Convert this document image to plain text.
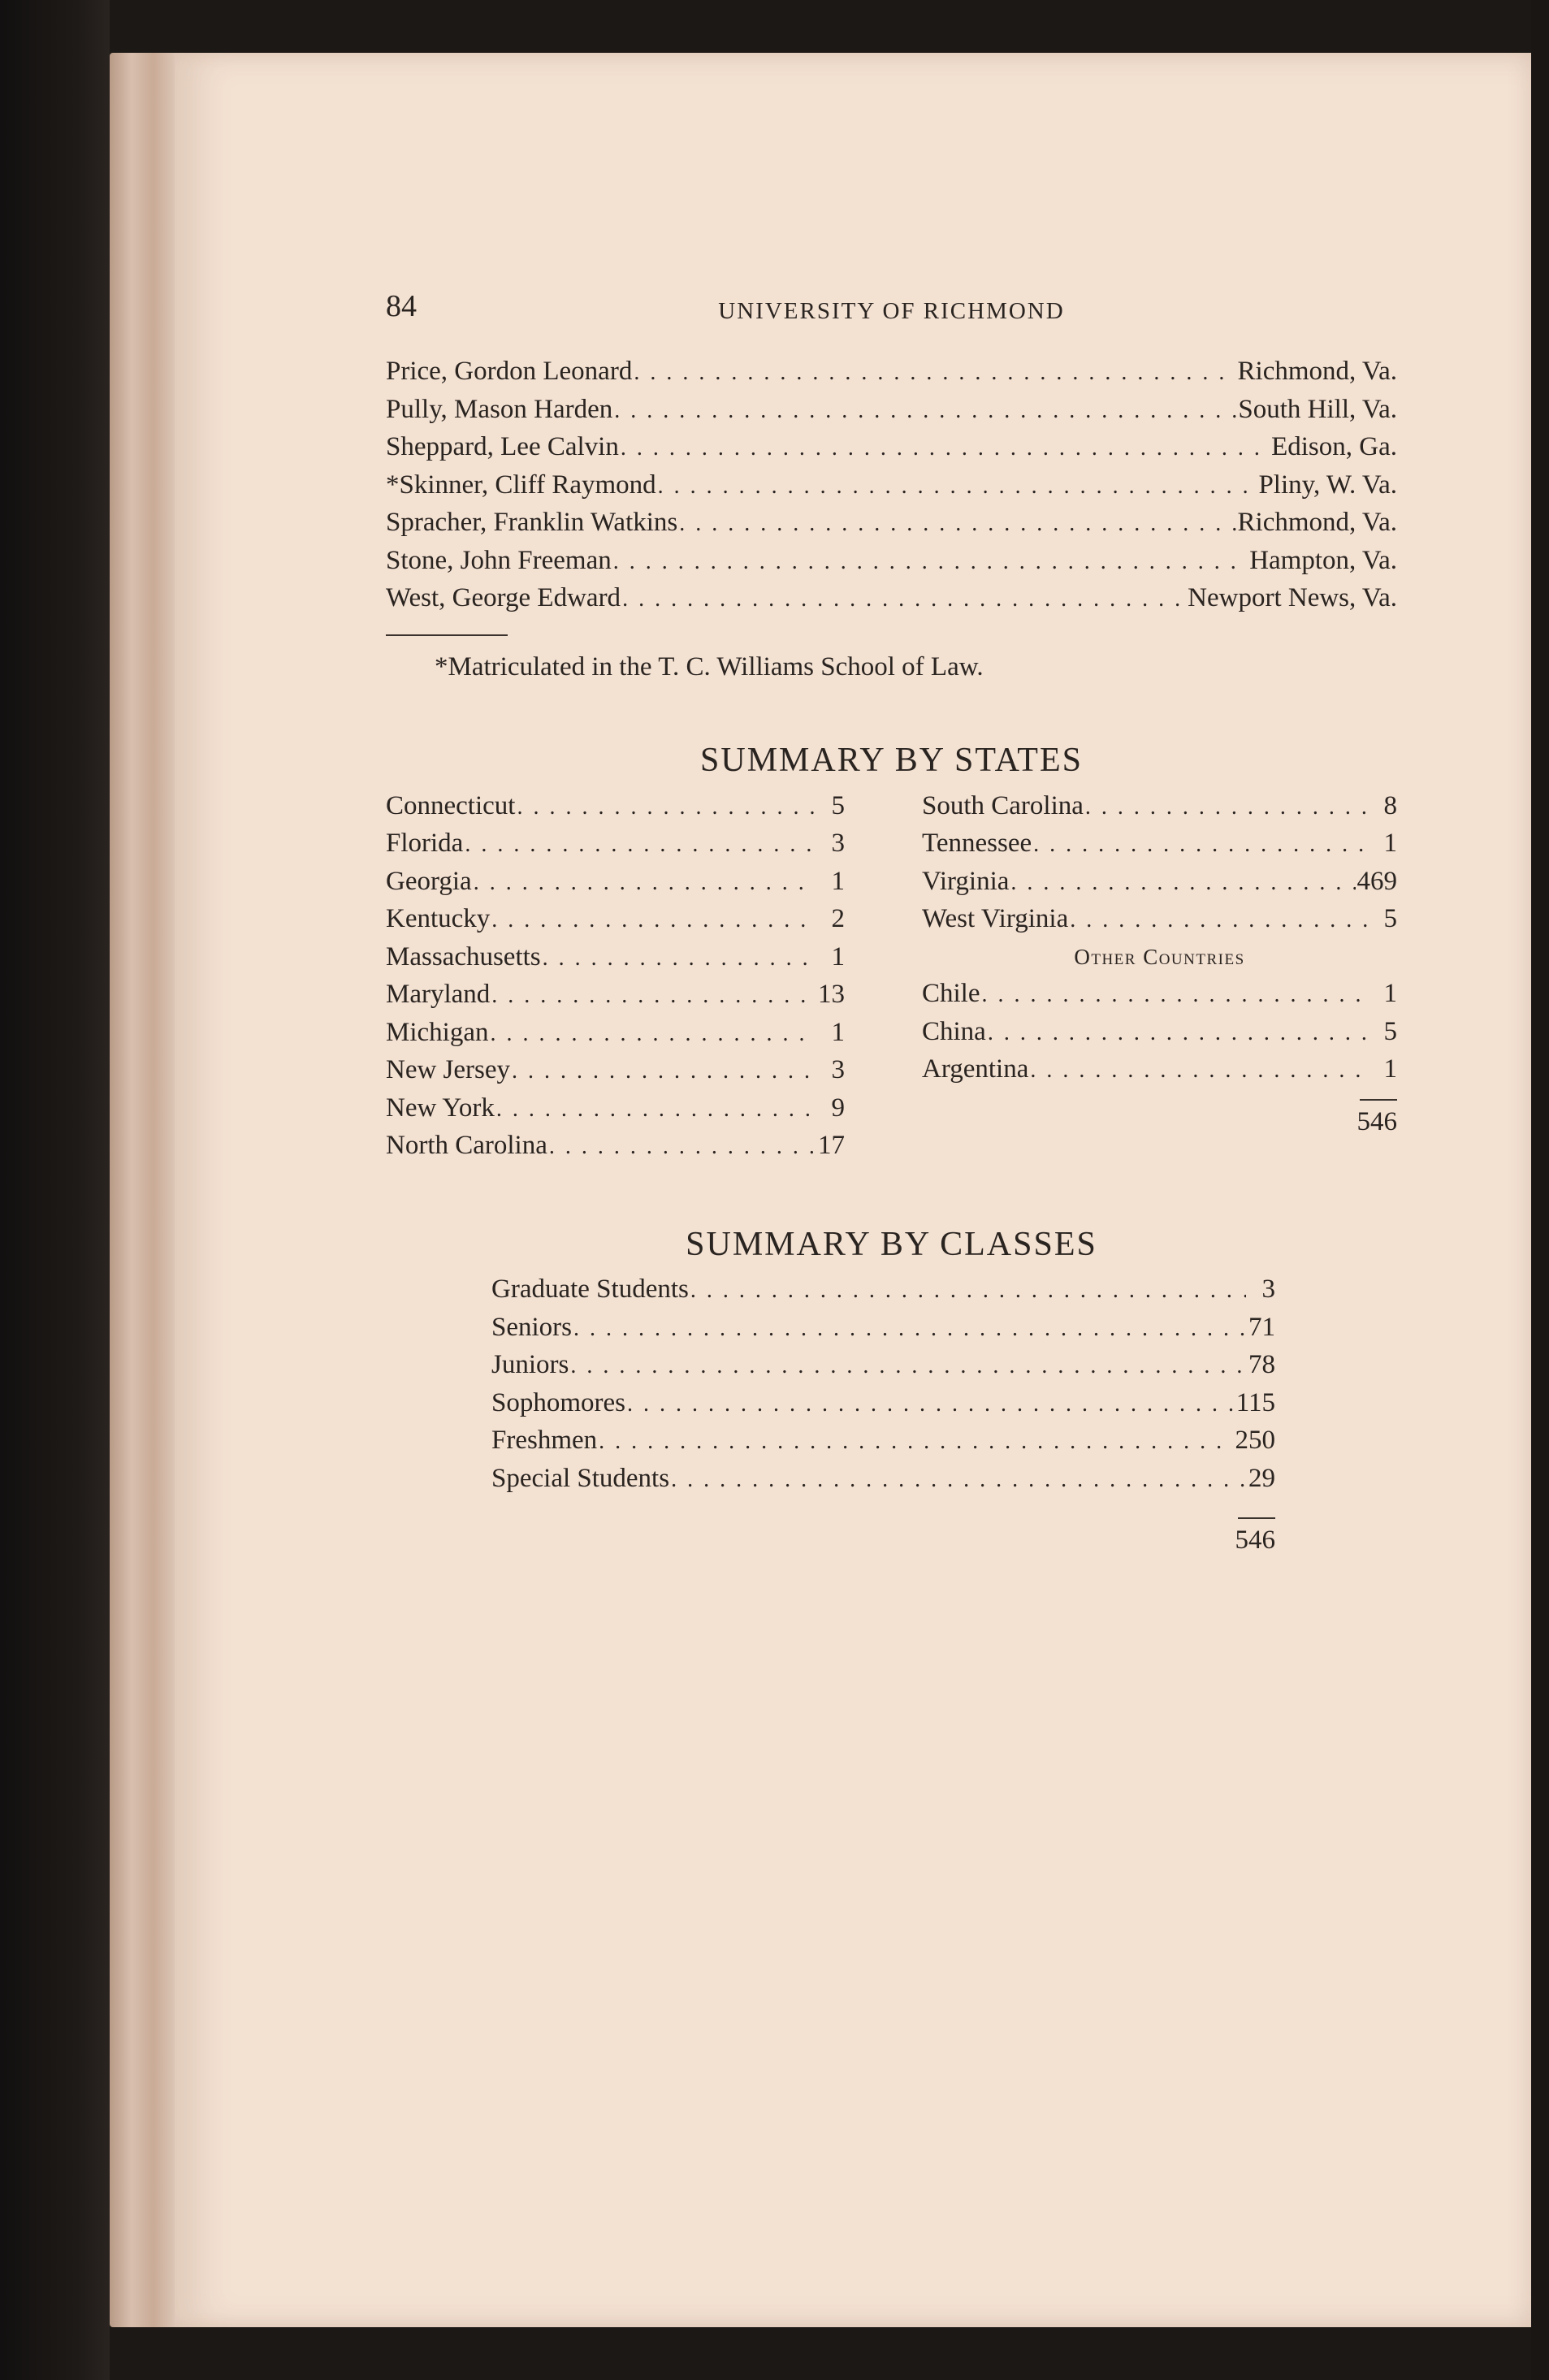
84	UNIVERSITY OF RICHMOND
Price, Gordon Leonard . . .	Richmond, Va.
Pully, Mason Harden . . .	South Hill, Va.
Sheppard, Lee Calvin . . .	Edison, Ga.
*Skinner, Cliff Raymond . . .	Pliny, W. Va.
Spracher, Franklin Watkins . . .	Richmond, Va.
Stone, John Freeman . . .	Hampton, Va.
West, George Edward . . .	Newport News, Va.
*Matriculated in the T. C. Williams School of Law.
SUMMARY BY STATES
Connecticut . . .	5
Florida . . .	3
Georgia . . .	1
Kentucky . . .	2
Massachusetts . . .	1
Maryland . . .	13
Michigan . . .	1
New Jersey . . .	3
New York . . .	9
North Carolina . . .	17
South Carolina . . .	8
Tennessee . . .	1
Virginia . . .	469
West Virginia . . .	5
Other Countries
Chile . . .	1
China . . .	5
Argentina . . .	1
546
SUMMARY BY CLASSES
Graduate Students . . .	3
Seniors . . .	71
Juniors . . .	78
Sophomores . . .	115
Freshmen . . .	250
Special Students . . .	29
546
